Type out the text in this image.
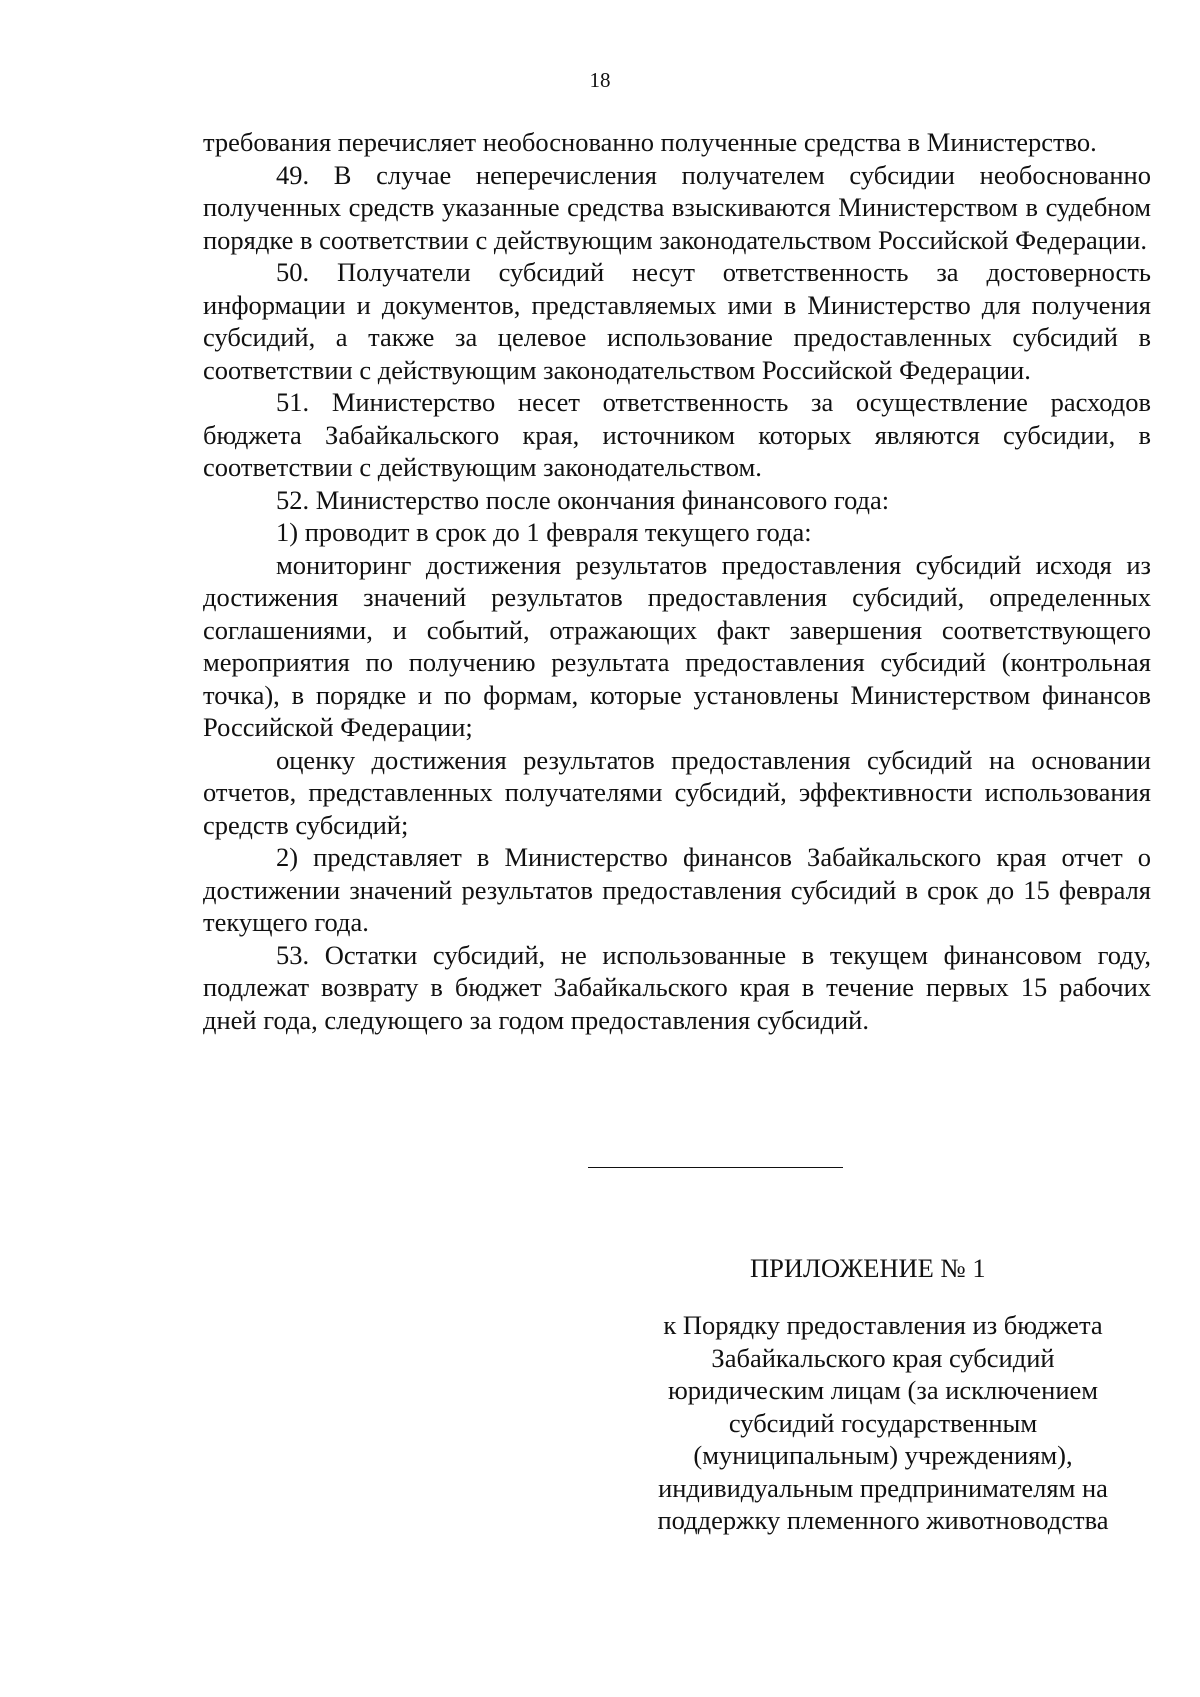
18

требования перечисляет необоснованно полученные средства в Министерство.

49. В случае неперечисления получателем субсидии необоснованно полученных средств указанные средства взыскиваются Министерством в судебном порядке в соответствии с действующим законодательством Российской Федерации.

50. Получатели субсидий несут ответственность за достоверность информации и документов, представляемых ими в Министерство для получения субсидий, а также за целевое использование предоставленных субсидий в соответствии с действующим законодательством Российской Федерации.

51. Министерство несет ответственность за осуществление расходов бюджета Забайкальского края, источником которых являются субсидии, в соответствии с действующим законодательством.

52. Министерство после окончания финансового года:

1) проводит в срок до 1 февраля текущего года:

мониторинг достижения результатов предоставления субсидий исходя из достижения значений результатов предоставления субсидий, определенных соглашениями, и событий, отражающих факт завершения соответствующего мероприятия по получению результата предоставления субсидий (контрольная точка), в порядке и по формам, которые установлены Министерством финансов Российской Федерации;

оценку достижения результатов предоставления субсидий на основании отчетов, представленных получателями субсидий, эффективности использования средств субсидий;

2) представляет в Министерство финансов Забайкальского края отчет о достижении значений результатов предоставления субсидий в срок до 15 февраля текущего года.

53. Остатки субсидий, не использованные в текущем финансовом году, подлежат возврату в бюджет Забайкальского края в течение первых 15 рабочих дней года, следующего за годом предоставления субсидий.

ПРИЛОЖЕНИЕ № 1
к Порядку предоставления из бюджета
Забайкальского края субсидий
юридическим лицам (за исключением
субсидий государственным
(муниципальным) учреждениям),
индивидуальным предпринимателям на
поддержку племенного животноводства
